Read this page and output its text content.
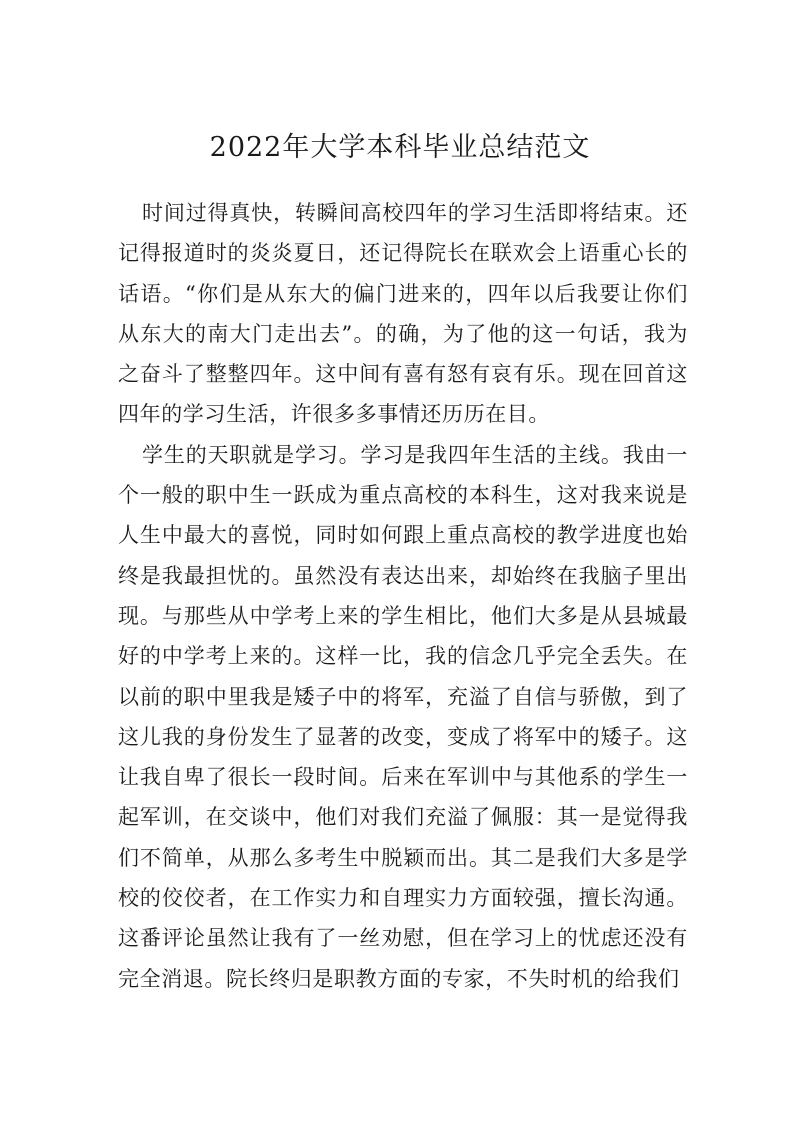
2022年大学本科毕业总结范文

时间过得真快，转瞬间高校四年的学习生活即将结束。还记得报道时的炎炎夏日，还记得院长在联欢会上语重心长的话语。“你们是从东大的偏门进来的，四年以后我要让你们从东大的南大门走出去”。的确，为了他的这一句话，我为之奋斗了整整四年。这中间有喜有怒有哀有乐。现在回首这四年的学习生活，许很多多事情还历历在目。

学生的天职就是学习。学习是我四年生活的主线。我由一个一般的职中生一跃成为重点高校的本科生，这对我来说是人生中最大的喜悦，同时如何跟上重点高校的教学进度也始终是我最担忧的。虽然没有表达出来，却始终在我脑子里出现。与那些从中学考上来的学生相比，他们大多是从县城最好的中学考上来的。这样一比，我的信念几乎完全丢失。在以前的职中里我是矮子中的将军，充溢了自信与骄傲，到了这儿我的身份发生了显著的改变，变成了将军中的矮子。这让我自卑了很长一段时间。后来在军训中与其他系的学生一起军训，在交谈中，他们对我们充溢了佩服：其一是觉得我们不简单，从那么多考生中脱颖而出。其二是我们大多是学校的佼佼者，在工作实力和自理实力方面较强，擅长沟通。这番评论虽然让我有了一丝劝慰，但在学习上的忧虑还没有完全消退。院长终归是职教方面的专家，不失时机的给我们
